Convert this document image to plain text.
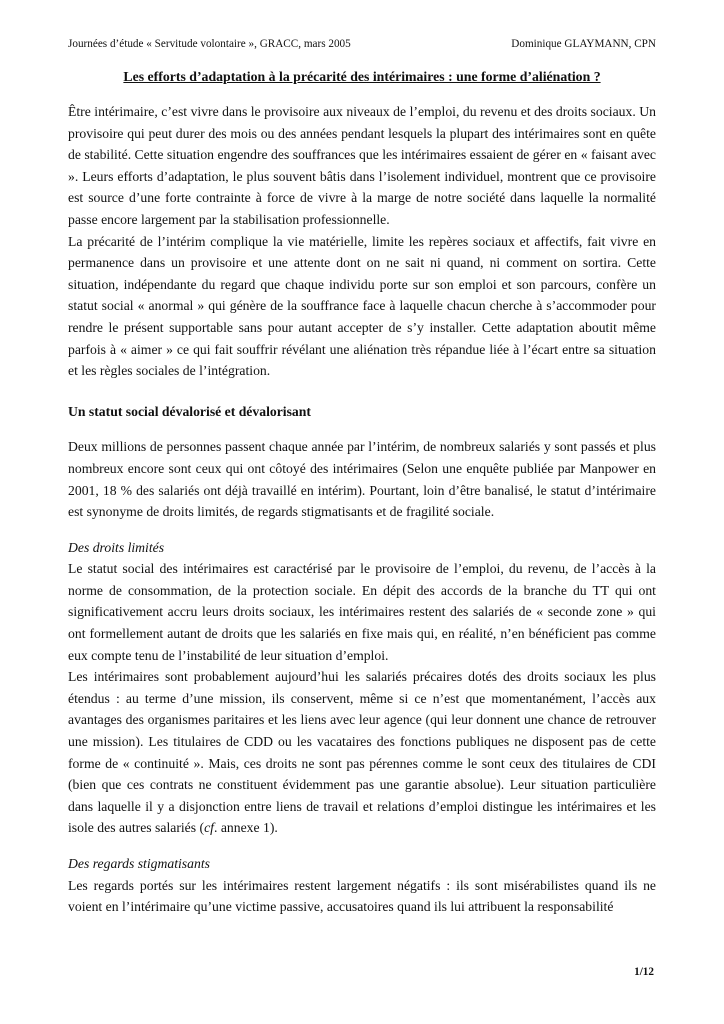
Journées d’étude « Servitude volontaire », GRACC, mars 2005	Dominique GLAYMANN, CPN
Les efforts d’adaptation à la précarité des intérimaires : une forme d’aliénation ?

Être intérimaire, c’est vivre dans le provisoire aux niveaux de l’emploi, du revenu et des droits sociaux. Un provisoire qui peut durer des mois ou des années pendant lesquels la plupart des intérimaires sont en quête de stabilité. Cette situation engendre des souffrances que les intérimaires essaient de gérer en « faisant avec ». Leurs efforts d’adaptation, le plus souvent bâtis dans l’isolement individuel, montrent que ce provisoire est source d’une forte contrainte à force de vivre à la marge de notre société dans laquelle la normalité passe encore largement par la stabilisation professionnelle.

La précarité de l’intérim complique la vie matérielle, limite les repères sociaux et affectifs, fait vivre en permanence dans un provisoire et une attente dont on ne sait ni quand, ni comment on sortira. Cette situation, indépendante du regard que chaque individu porte sur son emploi et son parcours, confère un statut social « anormal » qui génère de la souffrance face à laquelle chacun cherche à s’accommoder pour rendre le présent supportable sans pour autant accepter de s’y installer. Cette adaptation aboutit même parfois à « aimer » ce qui fait souffrir révélant une aliénation très répandue liée à l’écart entre sa situation et les règles sociales de l’intégration.

Un statut social dévalorisé et dévalorisant

Deux millions de personnes passent chaque année par l’intérim, de nombreux salariés y sont passés et plus nombreux encore sont ceux qui ont côtoyé des intérimaires (Selon une enquête publiée par Manpower en 2001, 18 % des salariés ont déjà travaillé en intérim). Pourtant, loin d’être banalisé, le statut d’intérimaire est synonyme de droits limités, de regards stigmatisants et de fragilité sociale.

Des droits limités

Le statut social des intérimaires est caractérisé par le provisoire de l’emploi, du revenu, de l’accès à la norme de consommation, de la protection sociale. En dépit des accords de la branche du TT qui ont significativement accru leurs droits sociaux, les intérimaires restent des salariés de « seconde zone » qui ont formellement autant de droits que les salariés en fixe mais qui, en réalité, n’en bénéficient pas comme eux compte tenu de l’instabilité de leur situation d’emploi.

Les intérimaires sont probablement aujourd’hui les salariés précaires dotés des droits sociaux les plus étendus : au terme d’une mission, ils conservent, même si ce n’est que momentanément, l’accès aux avantages des organismes paritaires et les liens avec leur agence (qui leur donnent une chance de retrouver une mission). Les titulaires de CDD ou les vacataires des fonctions publiques ne disposent pas de cette forme de « continuité ». Mais, ces droits ne sont pas pérennes comme le sont ceux des titulaires de CDI (bien que ces contrats ne constituent évidemment pas une garantie absolue). Leur situation particulière dans laquelle il y a disjonction entre liens de travail et relations d’emploi distingue les intérimaires et les isole des autres salariés (cf. annexe 1).

Des regards stigmatisants

Les regards portés sur les intérimaires restent largement négatifs : ils sont misérabilistes quand ils ne voient en l’intérimaire qu’une victime passive, accusatoires quand ils lui attribuent la responsabilité

1/12
